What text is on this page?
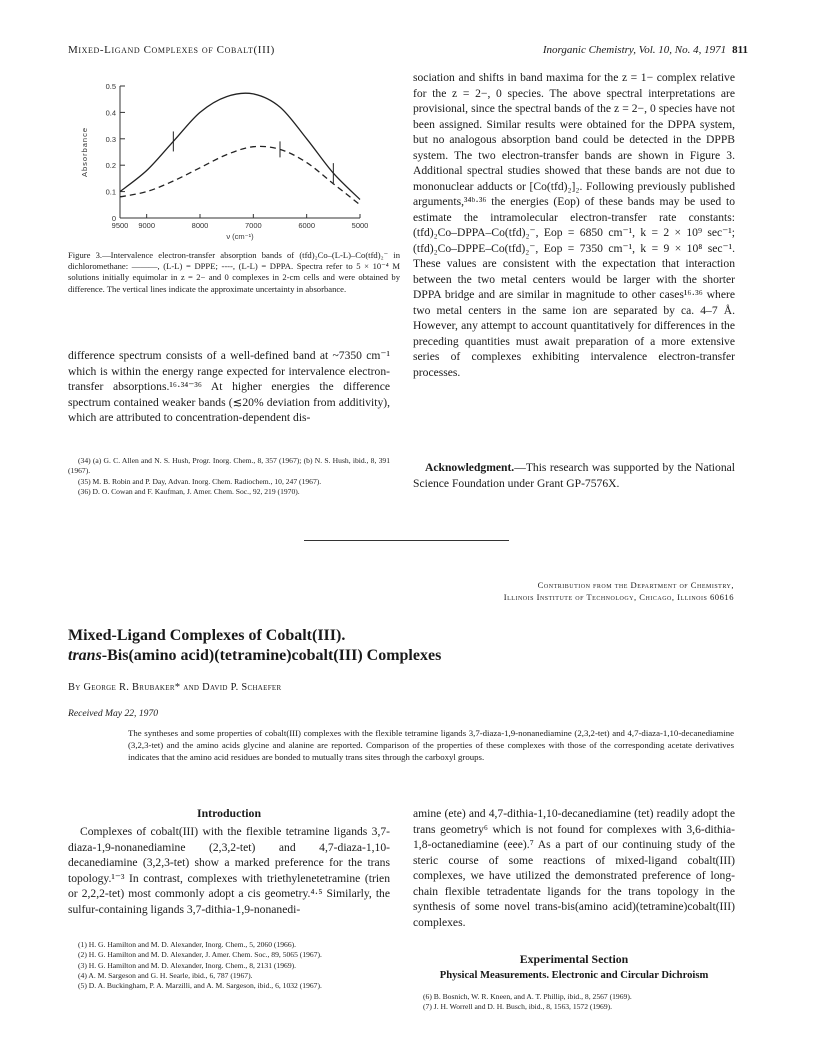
Mixed-Ligand Complexes of Cobalt(III)	Inorganic Chemistry, Vol. 10, No. 4, 1971 811
0.5
0.4
0.3
0.2
0.1
0
9500 9000	8000	7000	6000	5000
Absorbance
ν (cm⁻¹)

Figure 3.—Intervalence electron-transfer absorption bands of (tfd)₂Co–(L-L)–Co(tfd)₂⁻ in dichloromethane: ———, (L-L) = DPPE; ----, (L-L) = DPPA. Spectra refer to 5 × 10⁻⁴ M solutions initially equimolar in z = 2− and 0 complexes in 2-cm cells and were obtained by difference. The vertical lines indicate the approximate uncertainty in absorbance.

difference spectrum consists of a well-defined band at ~7350 cm⁻¹ which is within the energy range expected for intervalence electron-transfer absorptions.¹⁶·³⁴⁻³⁶ At higher energies the difference spectrum contained weaker bands (≲20% deviation from additivity), which are attributed to concentration-dependent dis-

(34) (a) G. C. Allen and N. S. Hush, Progr. Inorg. Chem., 8, 357 (1967); (b) N. S. Hush, ibid., 8, 391 (1967).

(35) M. B. Robin and P. Day, Advan. Inorg. Chem. Radiochem., 10, 247 (1967).

(36) D. O. Cowan and F. Kaufman, J. Amer. Chem. Soc., 92, 219 (1970).

sociation and shifts in band maxima for the z = 1− complex relative for the z = 2−, 0 species. The above spectral interpretations are provisional, since the spectral bands of the z = 2−, 0 species have not been assigned. Similar results were obtained for the DPPA system, but no analogous absorption band could be detected in the DPPB system. The two electron-transfer bands are shown in Figure 3. Additional spectral studies showed that these bands are not due to mononuclear adducts or [Co(tfd)₂]₂. Following previously published arguments,³⁴ᵇ·³⁶ the energies (Eop) of these bands may be used to estimate the intramolecular electron-transfer rate constants: (tfd)₂Co–DPPA–Co(tfd)₂⁻, Eop = 6850 cm⁻¹, k = 2 × 10⁹ sec⁻¹; (tfd)₂Co–DPPE–Co(tfd)₂⁻, Eop = 7350 cm⁻¹, k = 9 × 10⁸ sec⁻¹. These values are consistent with the expectation that interaction between the two metal centers would be larger with the shorter DPPA bridge and are similar in magnitude to other cases¹⁶·³⁶ where two metal centers in the same ion are separated by ca. 4–7 Å. However, any attempt to account quantitatively for differences in the preceding quantities must await preparation of a more extensive series of complexes exhibiting intervalence electron-transfer processes.

Acknowledgment.—This research was supported by the National Science Foundation under Grant GP-7576X.

Contribution from the Department of Chemistry,
Illinois Institute of Technology, Chicago, Illinois 60616
Mixed-Ligand Complexes of Cobalt(III).
trans-Bis(amino acid)(tetramine)cobalt(III) Complexes
By George R. Brubaker* and David P. Schaefer
Received May 22, 1970

The syntheses and some properties of cobalt(III) complexes with the flexible tetramine ligands 3,7-diaza-1,9-nonanediamine (2,3,2-tet) and 4,7-diaza-1,10-decanediamine (3,2,3-tet) and the amino acids glycine and alanine are reported. Comparison of the properties of these complexes with those of the corresponding acetate derivatives indicates that the amino acid residues are bonded to mutually trans sites through the carboxyl groups.

Introduction

Complexes of cobalt(III) with the flexible tetramine ligands 3,7-diaza-1,9-nonanediamine (2,3,2-tet) and 4,7-diaza-1,10-decanediamine (3,2,3-tet) show a marked preference for the trans topology.¹⁻³ In contrast, complexes with triethylenetetramine (trien or 2,2,2-tet) most commonly adopt a cis geometry.⁴·⁵ Similarly, the sulfur-containing ligands 3,7-dithia-1,9-nonanedi-

(1) H. G. Hamilton and M. D. Alexander, Inorg. Chem., 5, 2060 (1966).

(2) H. G. Hamilton and M. D. Alexander, J. Amer. Chem. Soc., 89, 5065 (1967).

(3) H. G. Hamilton and M. D. Alexander, Inorg. Chem., 8, 2131 (1969).

(4) A. M. Sargeson and G. H. Searle, ibid., 6, 787 (1967).

(5) D. A. Buckingham, P. A. Marzilli, and A. M. Sargeson, ibid., 6, 1032 (1967).

amine (ete) and 4,7-dithia-1,10-decanediamine (tet) readily adopt the trans geometry⁶ which is not found for complexes with 3,6-dithia-1,8-octanediamine (eee).⁷ As a part of our continuing study of the steric course of some reactions of mixed-ligand cobalt(III) complexes, we have utilized the demonstrated preference of long-chain flexible tetradentate ligands for the trans topology in the synthesis of some novel trans-bis(amino acid)(tetramine)cobalt(III) complexes.

Experimental Section
Physical Measurements. Electronic and Circular Dichroism

(6) B. Bosnich, W. R. Kneen, and A. T. Phillip, ibid., 8, 2567 (1969).

(7) J. H. Worrell and D. H. Busch, ibid., 8, 1563, 1572 (1969).
